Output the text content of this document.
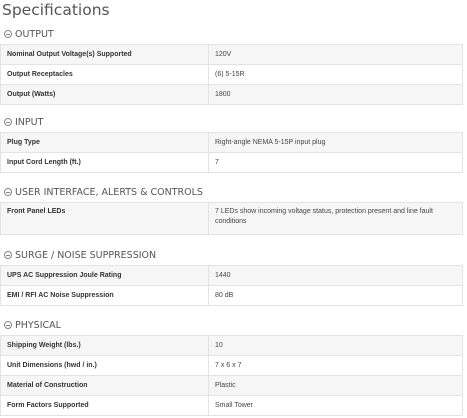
Specifications
OUTPUT
Nominal Output Voltage(s) Supported	120V
Output Receptacles	(6) 5-15R
Output (Watts)	1800
INPUT
Plug Type	Right-angle NEMA 5-15P input plug
Input Cord Length (ft.)	7
USER INTERFACE, ALERTS & CONTROLS
Front Panel LEDs	7 LEDs show incoming voltage status, protection present and line fault conditions
SURGE / NOISE SUPPRESSION
UPS AC Suppression Joule Rating	1440
EMI / RFI AC Noise Suppression	80 dB
PHYSICAL
Shipping Weight (lbs.)	10
Unit Dimensions (hwd / in.)	7 x 6 x 7
Material of Construction	Plastic
Form Factors Supported	Small Tower
